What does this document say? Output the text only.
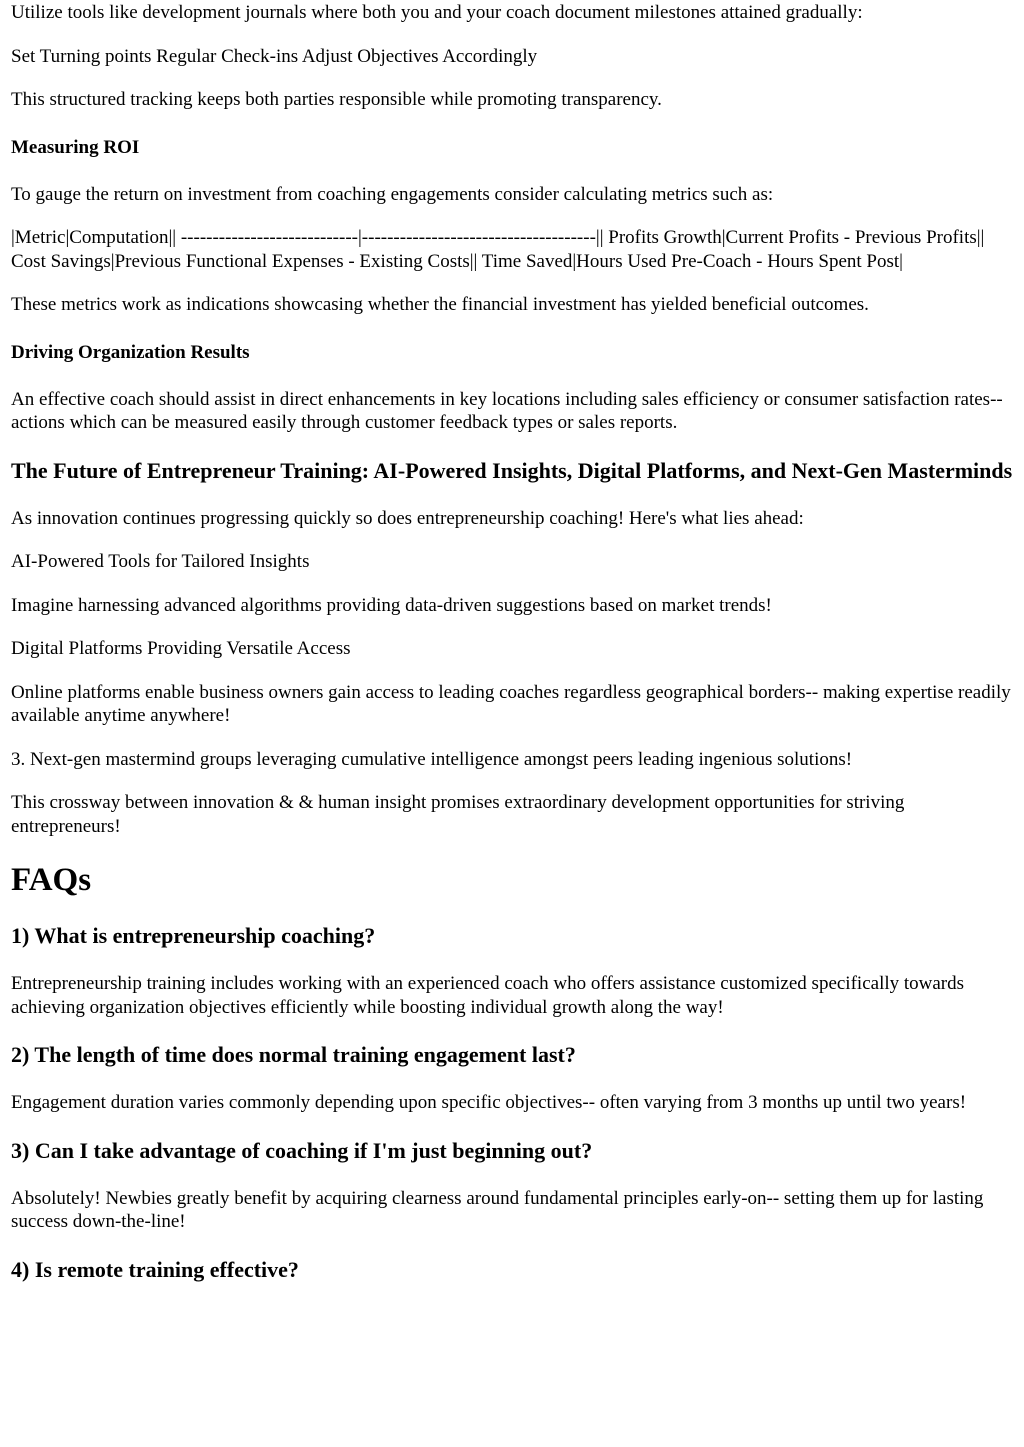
Utilize tools like development journals where both you and your coach document milestones attained gradually:

Set Turning points Regular Check-ins Adjust Objectives Accordingly

This structured tracking keeps both parties responsible while promoting transparency.

Measuring ROI

To gauge the return on investment from coaching engagements consider calculating metrics such as:

|Metric|Computation|| ----------------------------|-------------------------------------|| Profits Growth|Current Profits - Previous Profits|| Cost Savings|Previous Functional Expenses - Existing Costs|| Time Saved|Hours Used Pre-Coach - Hours Spent Post|

These metrics work as indications showcasing whether the financial investment has yielded beneficial outcomes.

Driving Organization Results

An effective coach should assist in direct enhancements in key locations including sales efficiency or consumer satisfaction rates-- actions which can be measured easily through customer feedback types or sales reports.

The Future of Entrepreneur Training: AI-Powered Insights, Digital Platforms, and Next-Gen Masterminds

As innovation continues progressing quickly so does entrepreneurship coaching! Here's what lies ahead:

AI-Powered Tools for Tailored Insights

Imagine harnessing advanced algorithms providing data-driven suggestions based on market trends!

Digital Platforms Providing Versatile Access

Online platforms enable business owners gain access to leading coaches regardless geographical borders-- making expertise readily available anytime anywhere!

3. Next-gen mastermind groups leveraging cumulative intelligence amongst peers leading ingenious solutions!

This crossway between innovation & & human insight promises extraordinary development opportunities for striving entrepreneurs!

FAQs
1) What is entrepreneurship coaching?

Entrepreneurship training includes working with an experienced coach who offers assistance customized specifically towards achieving organization objectives efficiently while boosting individual growth along the way!

2) The length of time does normal training engagement last?

Engagement duration varies commonly depending upon specific objectives-- often varying from 3 months up until two years!

3) Can I take advantage of coaching if I'm just beginning out?

Absolutely! Newbies greatly benefit by acquiring clearness around fundamental principles early-on-- setting them up for lasting success down-the-line!

4) Is remote training effective?
